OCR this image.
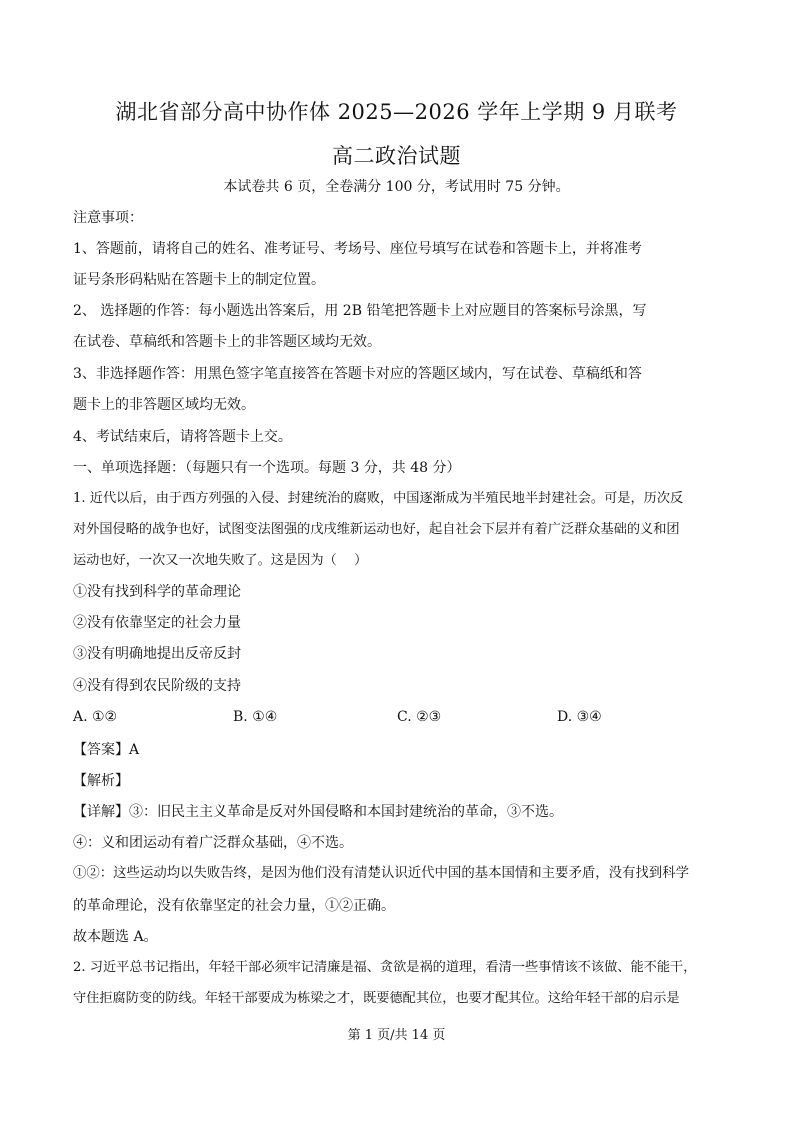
湖北省部分高中协作体 2025—2026 学年上学期 9 月联考
高二政治试题
本试卷共 6 页，全卷满分 100 分，考试用时 75 分钟。
注意事项：
1、答题前，请将自己的姓名、准考证号、考场号、座位号填写在试卷和答题卡上，并将准考
证号条形码粘贴在答题卡上的制定位置。
2、 选择题的作答：每小题选出答案后，用 2B 铅笔把答题卡上对应题目的答案标号涂黑，写
在试卷、草稿纸和答题卡上的非答题区域均无效。
3、非选择题作答：用黑色签字笔直接答在答题卡对应的答题区域内，写在试卷、草稿纸和答
题卡上的非答题区域均无效。
4、考试结束后，请将答题卡上交。
一、单项选择题：（每题只有一个选项。每题 3 分，共 48 分）
1. 近代以后，由于西方列强的入侵、封建统治的腐败，中国逐渐成为半殖民地半封建社会。可是，历次反
对外国侵略的战争也好，试图变法图强的戊戌维新运动也好，起自社会下层并有着广泛群众基础的义和团
运动也好，一次又一次地失败了。这是因为（　 ）
①没有找到科学的革命理论
②没有依靠坚定的社会力量
③没有明确地提出反帝反封
④没有得到农民阶级的支持
A. ①②	B. ①④	C. ②③	D. ③④
【答案】A
【解析】
【详解】③：旧民主主义革命是反对外国侵略和本国封建统治的革命，③不选。
④：义和团运动有着广泛群众基础，④不选。
①②：这些运动均以失败告终，是因为他们没有清楚认识近代中国的基本国情和主要矛盾，没有找到科学
的革命理论，没有依靠坚定的社会力量，①②正确。
故本题选 A。
2. 习近平总书记指出，年轻干部必须牢记清廉是福、贪欲是祸的道理，看清一些事情该不该做、能不能干，
守住拒腐防变的防线。年轻干部要成为栋梁之才，既要德配其位，也要才配其位。这给年轻干部的启示是
第 1 页/共 14 页
